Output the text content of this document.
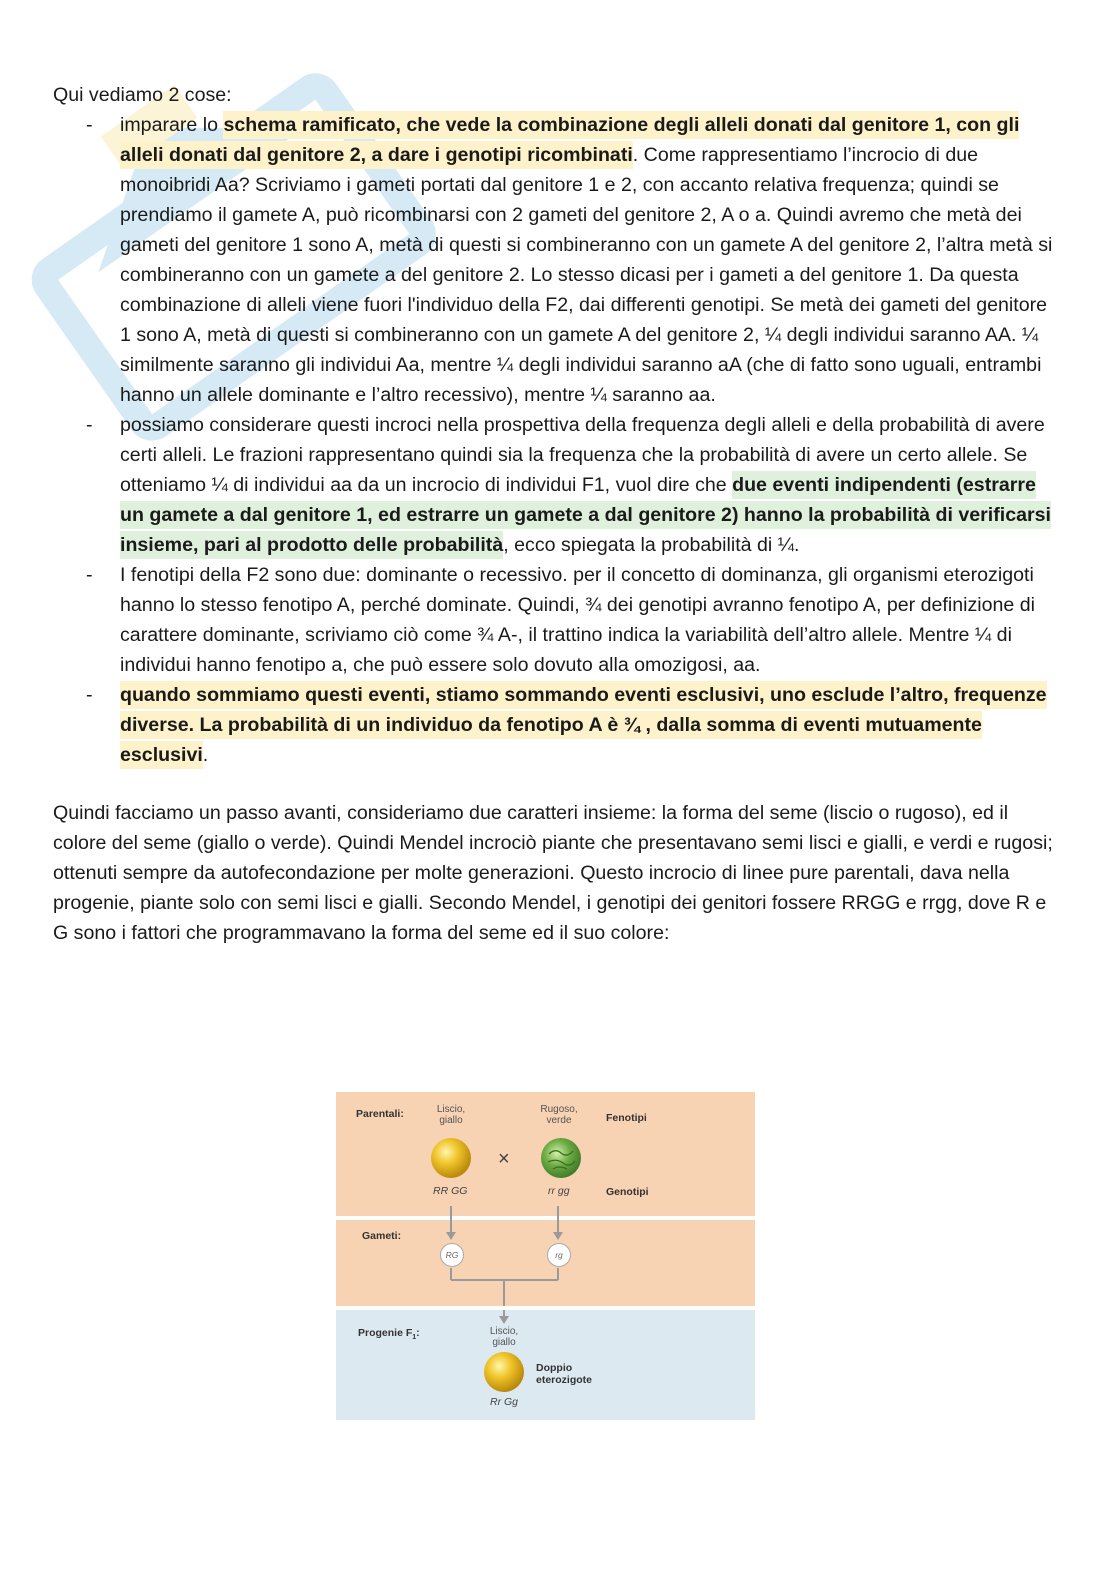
Qui vediamo 2 cose:

- imparare lo schema ramificato, che vede la combinazione degli alleli donati dal genitore 1, con gli alleli donati dal genitore 2, a dare i genotipi ricombinati. Come rappresentiamo l’incrocio di due monoibridi Aa? Scriviamo i gameti portati dal genitore 1 e 2, con accanto relativa frequenza; quindi se prendiamo il gamete A, può ricombinarsi con 2 gameti del genitore 2, A o a. Quindi avremo che metà dei gameti del genitore 1 sono A, metà di questi si combineranno con un gamete A del genitore 2, l’altra metà si combineranno con un gamete a del genitore 2. Lo stesso dicasi per i gameti a del genitore 1. Da questa combinazione di alleli viene fuori l'individuo della F2, dai differenti genotipi. Se metà dei gameti del genitore 1 sono A, metà di questi si combineranno con un gamete A del genitore 2, ¼ degli individui saranno AA. ¼ similmente saranno gli individui Aa, mentre ¼ degli individui saranno aA (che di fatto sono uguali, entrambi hanno un allele dominante e l’altro recessivo), mentre ¼ saranno aa.
- possiamo considerare questi incroci nella prospettiva della frequenza degli alleli e della probabilità di avere certi alleli. Le frazioni rappresentano quindi sia la frequenza che la probabilità di avere un certo allele. Se otteniamo ¼ di individui aa da un incrocio di individui F1, vuol dire che due eventi indipendenti (estrarre un gamete a dal genitore 1, ed estrarre un gamete a dal genitore 2) hanno la probabilità di verificarsi insieme, pari al prodotto delle probabilità, ecco spiegata la probabilità di ¼.
- I fenotipi della F2 sono due: dominante o recessivo. per il concetto di dominanza, gli organismi eterozigoti hanno lo stesso fenotipo A, perché dominate. Quindi, ¾ dei genotipi avranno fenotipo A, per definizione di carattere dominante, scriviamo ciò come ¾ A-, il trattino indica la variabilità dell’altro allele. Mentre ¼ di individui hanno fenotipo a, che può essere solo dovuto alla omozigosi, aa.
- quando sommiamo questi eventi, stiamo sommando eventi esclusivi, uno esclude l’altro, frequenze diverse. La probabilità di un individuo da fenotipo A è ¾ , dalla somma di eventi mutuamente esclusivi.

Quindi facciamo un passo avanti, consideriamo due caratteri insieme: la forma del seme (liscio o rugoso), ed il colore del seme (giallo o verde). Quindi Mendel incrociò piante che presentavano semi lisci e gialli, e verdi e rugosi; ottenuti sempre da autofecondazione per molte generazioni. Questo incrocio di linee pure parentali, dava nella progenie, piante solo con semi lisci e gialli. Secondo Mendel, i genotipi dei genitori fossere RRGG e rrgg, dove R e G sono i fattori che programmavano la forma del seme ed il suo colore:

Parentali:	Liscio,
giallo
Rugoso,
verde	Fenotipi
×
RR GG	rr gg	Genotipi
Gameti:
RG	rg
Progenie $F_1$:	Liscio,
giallo
Doppio
eterozigote
Rr Gg
